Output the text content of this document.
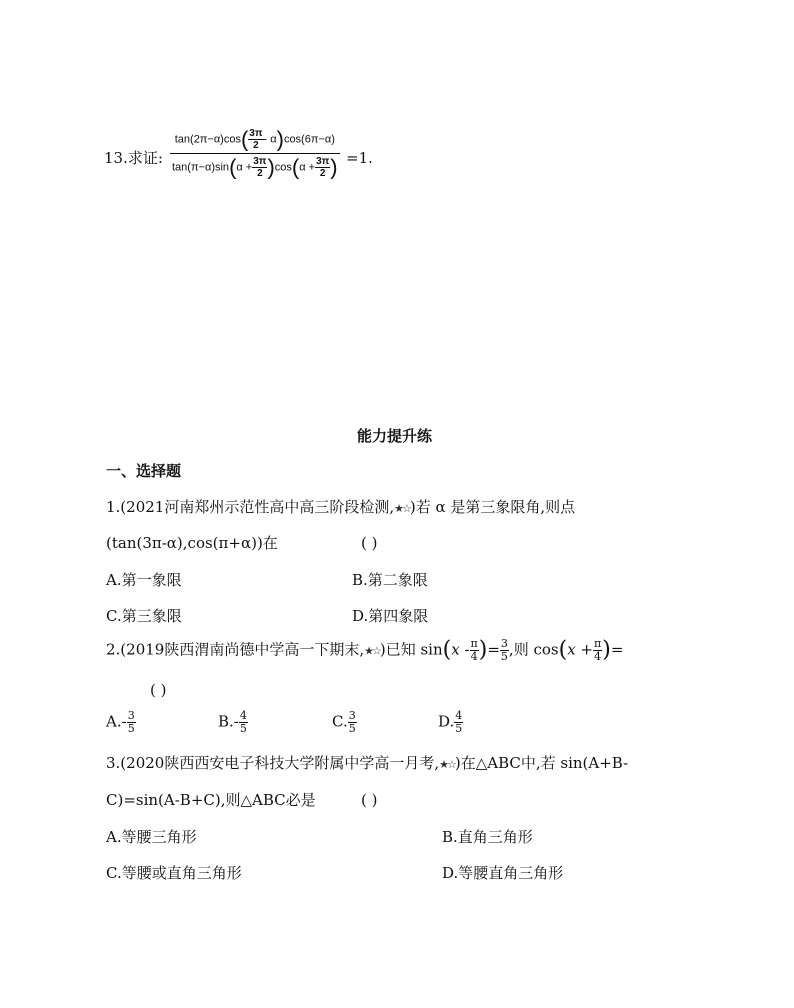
13.求证: $\frac{\tan(2\pi-\alpha)\cos( \frac{3\pi}{2} - \alpha)\cos(6\pi-\alpha)}{\tan(\pi-\alpha)\sin(\alpha + \frac{3\pi}{2} )\cos(\alpha + \frac{3\pi}{2} )} =1$.
能力提升练
一、选择题
1.(2021河南郑州示范性高中高三阶段检测,★☆)若 α 是第三象限角,则点
(tan(3π-α),cos(π+α))在	( )
A.第一象限	B.第二象限
C.第三象限	D.第四象限
2.(2019陕西渭南尚德中学高一下期末,★☆)已知 $\sin(x - \frac{\pi}{4}$ )= $\frac{3}{5}$ ,则 $\cos(x + \frac{\pi}{4}$ )=
( )
$A.- \frac{3}{5}$	$B.- \frac{4}{5}$	C. $\frac{3}{5}$	D. $\frac{4}{5}$
3.(2020陕西西安电子科技大学附属中学高一月考,★☆)在△ABC中,若 sin(A+B-
C)=sin(A-B+C),则△ABC必是	( )
A.等腰三角形	B.直角三角形
C.等腰或直角三角形	D.等腰直角三角形
